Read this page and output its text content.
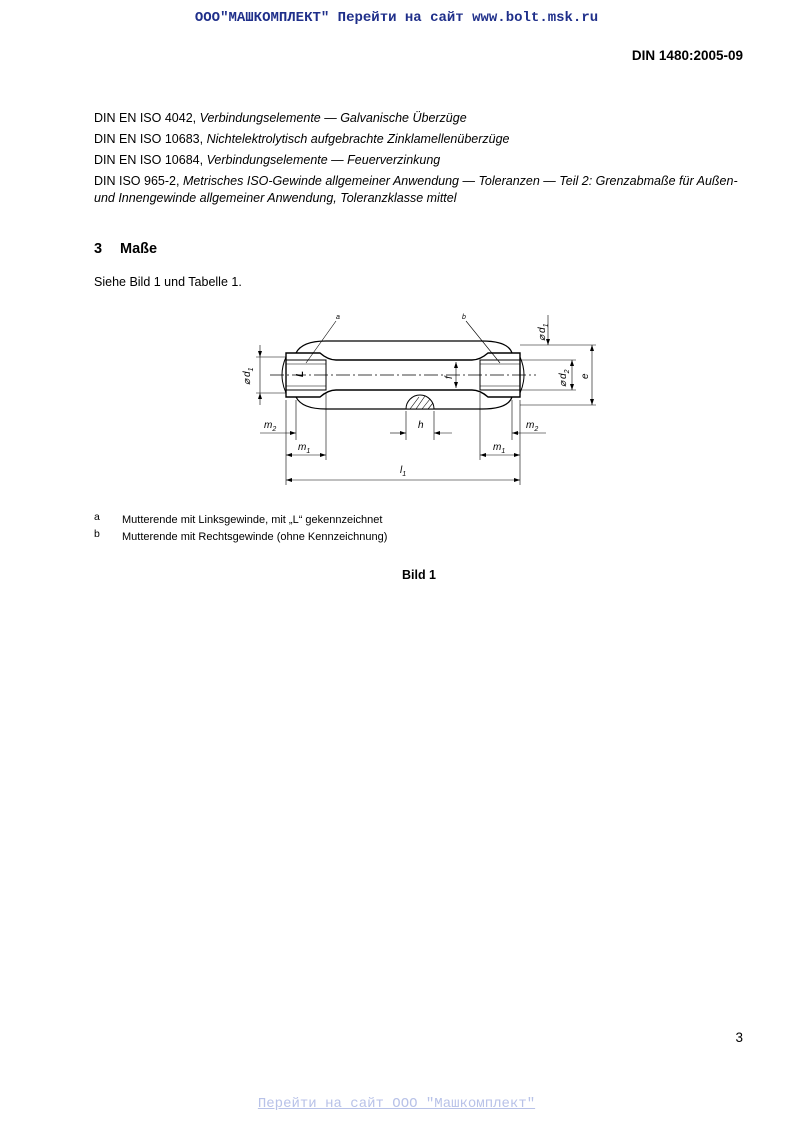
ООО"МАШКОМПЛЕКТ" Перейти на сайт www.bolt.msk.ru
DIN 1480:2005-09
DIN EN ISO 4042, Verbindungselemente — Galvanische Überzüge
DIN EN ISO 10683, Nichtelektrolytisch aufgebrachte Zinklamellenüberzüge
DIN EN ISO 10684, Verbindungselemente — Feuerverzinkung
DIN ISO 965-2, Metrisches ISO-Gewinde allgemeiner Anwendung — Toleranzen — Teil 2: Grenzabmaße für Außen- und Innengewinde allgemeiner Anwendung, Toleranzklasse mittel
3 Maße
Siehe Bild 1 und Tabelle 1.
a	b
L
$⌀d_1$
$⌀d_1$
$⌀d_2$
e
f
h
$m_2$	$m_2$
$m_1$	$m_1$
$l_1$
a Mutterende mit Linksgewinde, mit „L“ gekennzeichnet
b Mutterende mit Rechtsgewinde (ohne Kennzeichnung)
Bild 1
3
Перейти на сайт ООО "Машкомплект"
